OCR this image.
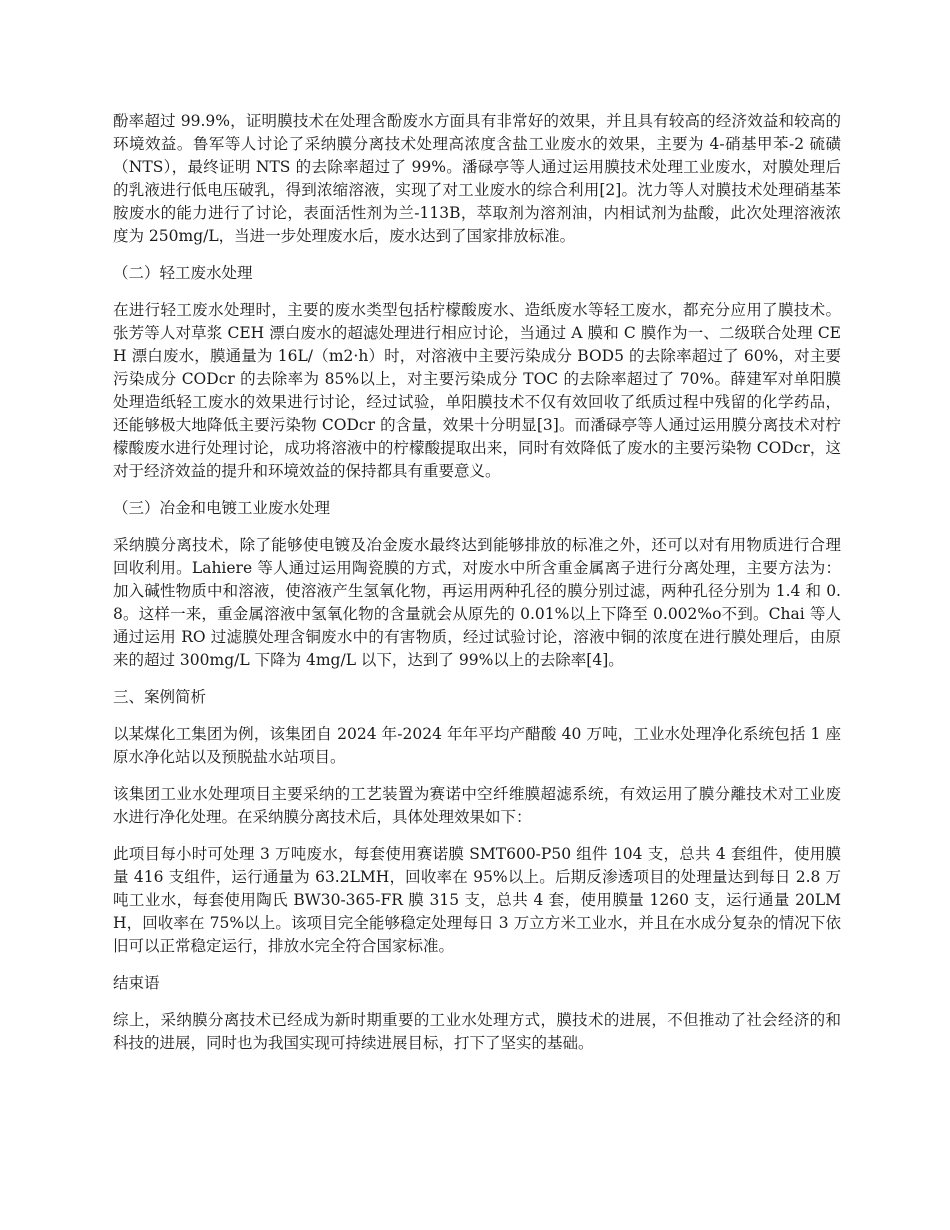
酚率超过 99.9%，证明膜技术在处理含酚废水方面具有非常好的效果，并且具有较高的经济效益和较高的环境效益。鲁军等人讨论了采纳膜分离技术处理高浓度含盐工业废水的效果，主要为 4-硝基甲苯-2 硫磺（NTS），最终证明 NTS 的去除率超过了 99%。潘碌亭等人通过运用膜技术处理工业废水，对膜处理后的乳液进行低电压破乳，得到浓缩溶液，实现了对工业废水的综合利用[2]。沈力等人对膜技术处理硝基苯胺废水的能力进行了讨论，表面活性剂为兰-113B，萃取剂为溶剂油，内相试剂为盐酸，此次处理溶液浓度为 250mg/L，当进一步处理废水后，废水达到了国家排放标准。

（二）轻工废水处理

在进行轻工废水处理时，主要的废水类型包括柠檬酸废水、造纸废水等轻工废水，都充分应用了膜技术。张芳等人对草浆 CEH 漂白废水的超滤处理进行相应讨论，当通过 A 膜和 C 膜作为一、二级联合处理 CEH 漂白废水，膜通量为 16L/（m2·h）时，对溶液中主要污染成分 BOD5 的去除率超过了 60%，对主要污染成分 CODcr 的去除率为 85%以上，对主要污染成分 TOC 的去除率超过了 70%。薛建军对单阳膜处理造纸轻工废水的效果进行讨论，经过试验，单阳膜技术不仅有效回收了纸质过程中残留的化学药品，还能够极大地降低主要污染物 CODcr 的含量，效果十分明显[3]。而潘碌亭等人通过运用膜分离技术对柠檬酸废水进行处理讨论，成功将溶液中的柠檬酸提取出来，同时有效降低了废水的主要污染物 CODcr，这对于经济效益的提升和环境效益的保持都具有重要意义。

（三）冶金和电镀工业废水处理

采纳膜分离技术，除了能够使电镀及冶金废水最终达到能够排放的标准之外，还可以对有用物质进行合理回收利用。Lahiere 等人通过运用陶瓷膜的方式，对废水中所含重金属离子进行分离处理，主要方法为：加入碱性物质中和溶液，使溶液产生氢氧化物，再运用两种孔径的膜分别过滤，两种孔径分别为 1.4 和 0.8。这样一来，重金属溶液中氢氧化物的含量就会从原先的 0.01%以上下降至 0.002%o不到。Chai 等人通过运用 RO 过滤膜处理含铜废水中的有害物质，经过试验讨论，溶液中铜的浓度在进行膜处理后，由原来的超过 300mg/L 下降为 4mg/L 以下，达到了 99%以上的去除率[4]。

三、案例简析

以某煤化工集团为例，该集团自 2024 年-2024 年年平均产醋酸 40 万吨，工业水处理净化系统包括 1 座原水净化站以及预脱盐水站项目。

该集团工业水处理项目主要采纳的工艺装置为赛诺中空纤维膜超滤系统，有效运用了膜分離技术对工业废水进行净化处理。在采纳膜分离技术后，具体处理效果如下：

此项目每小时可处理 3 万吨废水，每套使用赛诺膜 SMT600-P50 组件 104 支，总共 4 套组件，使用膜量 416 支组件，运行通量为 63.2LMH，回收率在 95%以上。后期反渗透项目的处理量达到每日 2.8 万吨工业水，每套使用陶氏 BW30-365-FR 膜 315 支，总共 4 套，使用膜量 1260 支，运行通量 20LMH，回收率在 75%以上。该项目完全能够稳定处理每日 3 万立方米工业水，并且在水成分复杂的情况下依旧可以正常稳定运行，排放水完全符合国家标准。

结束语

综上，采纳膜分离技术已经成为新时期重要的工业水处理方式，膜技术的进展，不但推动了社会经济的和科技的进展，同时也为我国实现可持续进展目标，打下了坚实的基础。
